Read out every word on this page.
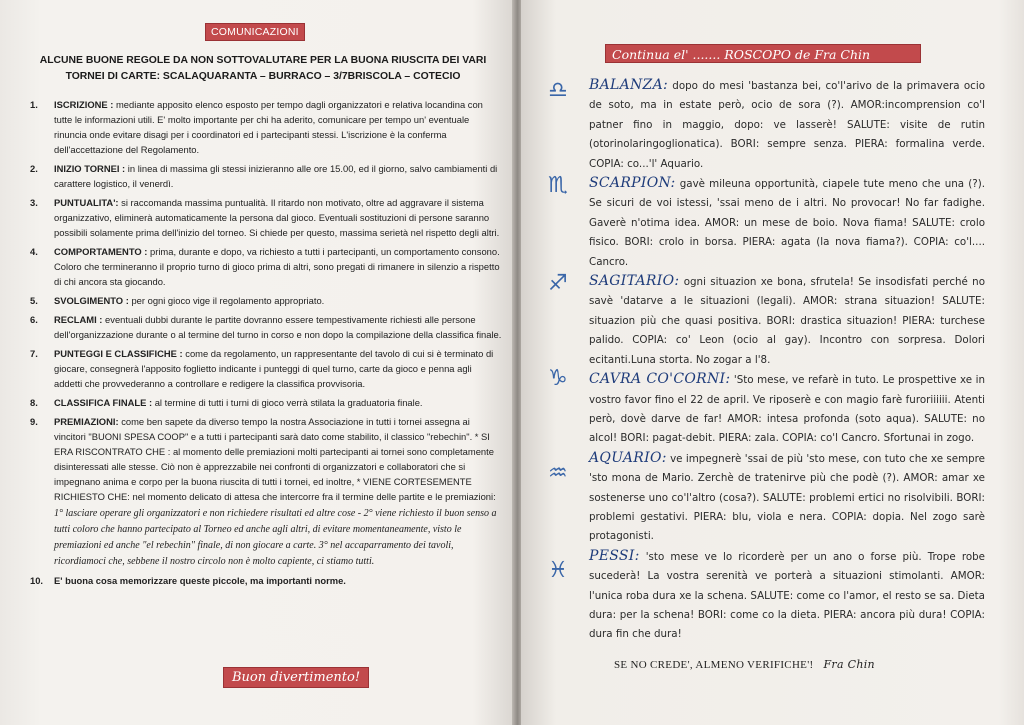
COMUNICAZIONI
ALCUNE BUONE REGOLE DA NON SOTTOVALUTARE PER LA BUONA RIUSCITA DEI VARI
TORNEI DI CARTE: SCALAQUARANTA – BURRACO – 3/7BRISCOLA – COTECIO
1. ISCRIZIONE : mediante apposito elenco esposto per tempo dagli organizzatori e relativa locandina con tutte le informazioni utili. E' molto importante per chi ha aderito, comunicare per tempo un' eventuale rinuncia onde evitare disagi per i coordinatori ed i partecipanti stessi. L'iscrizione è la conferma dell'accettazione del Regolamento.
2. INIZIO TORNEI : in linea di massima gli stessi inizieranno alle ore 15.00, ed il giorno, salvo cambiamenti di carattere logistico, il venerdì.
3. PUNTUALITA': si raccomanda massima puntualità. Il ritardo non motivato, oltre ad aggravare il sistema organizzativo, eliminerà automaticamente la persona dal gioco. Eventuali sostituzioni di persone saranno possibili solamente prima dell'inizio del torneo. Si chiede per questo, massima serietà nel rispetto degli altri.
4. COMPORTAMENTO : prima, durante e dopo, va richiesto a tutti i partecipanti, un comportamento consono. Coloro che termineranno il proprio turno di gioco prima di altri, sono pregati di rimanere in silenzio a rispetto di chi ancora sta giocando.
5. SVOLGIMENTO : per ogni gioco vige il regolamento appropriato.
6. RECLAMI : eventuali dubbi durante le partite dovranno essere tempestivamente richiesti alle persone dell'organizzazione durante o al termine del turno in corso e non dopo la compilazione della classifica finale.
7. PUNTEGGI E CLASSIFICHE : come da regolamento, un rappresentante del tavolo di cui si è terminato di giocare, consegnerà l'apposito foglietto indicante i punteggi di quel turno, carte da gioco e penna agli addetti che provvederanno a controllare e redigere la classifica provvisoria.
8. CLASSIFICA FINALE : al termine di tutti i turni di gioco verrà stilata la graduatoria finale.
9. PREMIAZIONI: come ben sapete da diverso tempo la nostra Associazione in tutti i tornei assegna ai vincitori "BUONI SPESA COOP" e a tutti i partecipanti sarà dato come stabilito, il classico "rebechin". * SI ERA RISCONTRATO CHE : al momento delle premiazioni molti partecipanti ai tornei sono completamente disinteressati alle stesse. Ciò non è apprezzabile nei confronti di organizzatori e collaboratori che si impegnano anima e corpo per la buona riuscita di tutti i tornei, ed inoltre, * VIENE CORTESEMENTE RICHIESTO CHE: nel momento delicato di attesa che intercorre fra il termine delle partite e le premiazioni: 1° lasciare operare gli organizzatori e non richiedere risultati ed altre cose - 2° viene richiesto il buon senso a tutti coloro che hanno partecipato al Torneo ed anche agli altri, di evitare momentaneamente, visto le premiazioni ed anche "el rebechin" finale, di non giocare a carte. 3° nel accaparramento dei tavoli, ricordiamoci che, sebbene il nostro circolo non è molto capiente, ci stiamo tutti.
10. E' buona cosa memorizzare queste piccole, ma importanti norme.
Buon divertimento!
Continua el' ....... ROSCOPO de Fra Chin

BALANZA: dopo do mesi 'bastanza bei, co'l'arivo de la primavera ocio de soto, ma in estate però, ocio de sora (?). AMOR:incomprension co'l patner fino in maggio, dopo: ve lasserè! SALUTE: visite de rutin (otorinolaringoglionatica). BORI: sempre senza. PIERA: formalina verde. COPIA: co...'l' Aquario.

SCARPION: gavè mileuna opportunità, ciapele tute meno che una (?). Se sicuri de voi istessi, 'ssai meno de i altri. No provocar! No far fadighe. Gaverè n'otima idea. AMOR: un mese de boio. Nova fiama! SALUTE: crolo fisico. BORI: crolo in borsa. PIERA: agata (la nova fiama?). COPIA: co'l.... Cancro.

SAGITARIO: ogni situazion xe bona, sfrutela! Se insodisfati perché no savè 'datarve a le situazioni (legali). AMOR: strana situazion! SALUTE: situazion più che quasi positiva. BORI: drastica situazion! PIERA: turchese palido. COPIA: co' Leon (ocio al gay). Incontro con sorpresa. Dolori ecitanti.Luna storta. No zogar a l'8.

CAVRA CO'CORNI: 'Sto mese, ve refarè in tuto. Le prospettive xe in vostro favor fino el 22 de april. Ve riposerè e con magio farè furoriiiiii. Atenti però, dovè darve de far! AMOR: intesa profonda (soto aqua). SALUTE: no alcol! BORI: pagat-debit. PIERA: zala. COPIA: co'l Cancro. Sfortunai in zogo.

AQUARIO: ve impegnerè 'ssai de più 'sto mese, con tuto che xe sempre 'sto mona de Mario. Zerchè de tratenirve più che podè (?). AMOR: amar xe sostenerse uno co'l'altro (cosa?). SALUTE: problemi ertici no risolvibili. BORI: problemi gestativi. PIERA: blu, viola e nera. COPIA: dopia. Nel zogo sarè protagonisti.

PESSI: 'sto mese ve lo ricorderè per un ano o forse più. Trope robe sucederà! La vostra serenità ve porterà a situazioni stimolanti. AMOR: l'unica roba dura xe la schena. SALUTE: come co l'amor, el resto se sa. Dieta dura: per la schena! BORI: come co la dieta. PIERA: ancora più dura! COPIA: dura fin che dura!

SE NO CREDE', ALMENO VERIFICHE'! Fra Chin
♎
♏
♐
♑
♒
♓
